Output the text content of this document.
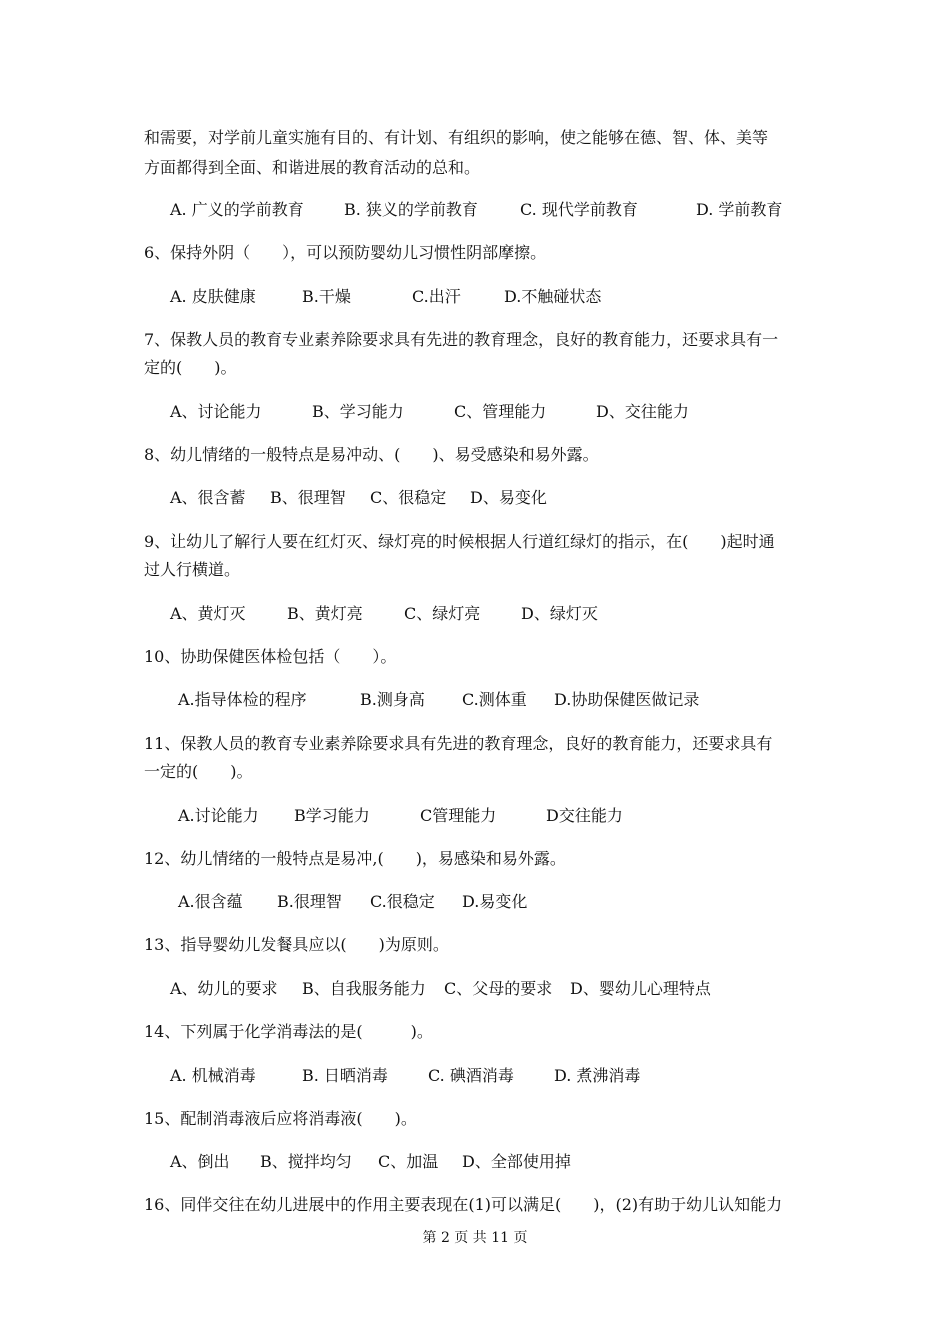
和需要，对学前儿童实施有目的、有计划、有组织的影响，使之能够在德、智、体、美等
方面都得到全面、和谐进展的教育活动的总和。
A. 广义的学前教育	B. 狭义的学前教育	C. 现代学前教育	D. 学前教育
6、保持外阴（　　），可以预防婴幼儿习惯性阴部摩擦。
A. 皮肤健康	B.干燥	C.出汗	D.不触碰状态
7、保教人员的教育专业素养除要求具有先进的教育理念，良好的教育能力，还要求具有一
定的(　　)。
A、讨论能力	B、学习能力	C、管理能力	D、交往能力
8、幼儿情绪的一般特点是易冲动、(　　)、易受感染和易外露。
A、很含蓄 B、很理智 C、很稳定 D、易变化
9、让幼儿了解行人要在红灯灭、绿灯亮的时候根据人行道红绿灯的指示，在(　　)起时通
过人行横道。
A、黄灯灭	B、黄灯亮	C、绿灯亮	D、绿灯灭
10、协助保健医体检包括（　　）。
A.指导体检的程序	B.测身高 C.测体重 D.协助保健医做记录
11、保教人员的教育专业素养除要求具有先进的教育理念，良好的教育能力，还要求具有
一定的(　　)。
A.讨论能力 B学习能力	C管理能力	D交往能力
12、幼儿情绪的一般特点是易冲,(　　)，易感染和易外露。
A.很含蕴 B.很理智 C.很稳定 D.易变化
13、指导婴幼儿发餐具应以(　　)为原则。
A、幼儿的要求 B、自我服务能力 C、父母的要求 D、婴幼儿心理特点
14、下列属于化学消毒法的是(　　　)。
A. 机械消毒	B. 日晒消毒	C. 碘酒消毒	D. 煮沸消毒
15、配制消毒液后应将消毒液(　　)。
A、倒出 B、搅拌均匀 C、加温 D、全部使用掉
16、同伴交往在幼儿进展中的作用主要表现在(1)可以满足(　　)，(2)有助于幼儿认知能力
第 2 页 共 11 页
